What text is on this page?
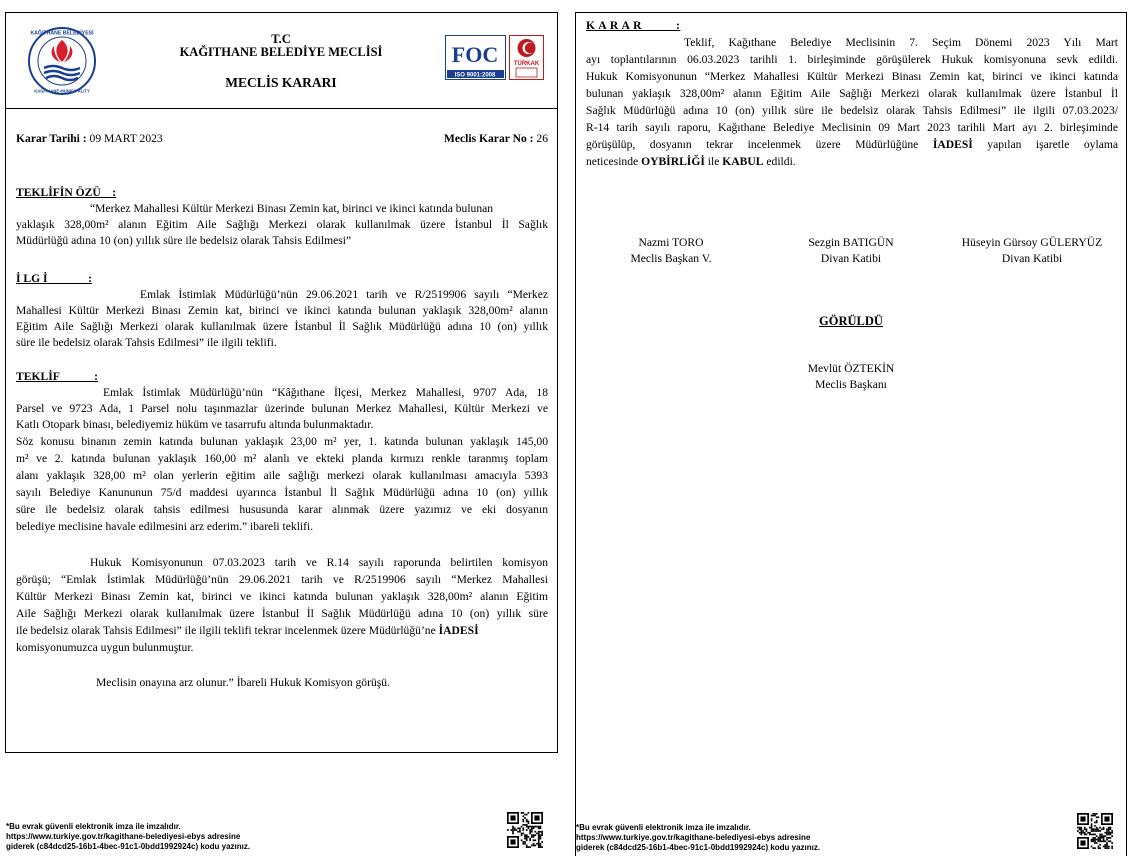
KAĞITHANE BELEDİYESİ
KAĞITHANE MUNICIPALITY
T.C
KAĞITHANE BELEDİYE MECLİSİ
MECLİS KARARI
FOC
ISO 9001:2008
TÜRKAK
Karar Tarihi : 09 MART 2023	Meclis Karar No : 26
TEKLİFİN ÖZÜ    :
“Merkez Mahallesi Kültür Merkezi Binası Zemin kat, birinci ve ikinci katında bulunan
yaklaşık 328,00m² alanın Eğitim Aile Sağlığı Merkezi olarak kullanılmak üzere İstanbul İl Sağlık
Müdürlüğü adına 10 (on) yıllık süre ile bedelsiz olarak Tahsis Edilmesi”
İ LG İ              :
Emlak İstimlak Müdürlüğü’nün 29.06.2021 tarih ve R/2519906 sayılı “Merkez
Mahallesi Kültür Merkezi Binası Zemin kat, birinci ve ikinci katında bulunan yaklaşık 328,00m² alanın
Eğitim Aile Sağlığı Merkezi olarak kullanılmak üzere İstanbul İl Sağlık Müdürlüğü adına 10 (on) yıllık
süre ile bedelsiz olarak Tahsis Edilmesi” ile ilgili teklifi.
TEKLİF            :
Emlak İstimlak Müdürlüğü’nün “Kâğıthane İlçesi, Merkez Mahallesi, 9707 Ada, 18
Parsel ve 9723 Ada, 1 Parsel nolu taşınmazlar üzerinde bulunan Merkez Mahallesi, Kültür Merkezi ve
Katlı Otopark binası, belediyemiz hüküm ve tasarrufu altında bulunmaktadır.
Söz konusu binanın zemin katında bulunan yaklaşık 23,00 m² yer, 1. katında bulunan yaklaşık 145,00
m² ve 2. katında bulunan yaklaşık 160,00 m² alanlı ve ekteki planda kırmızı renkle taranmış toplam
alanı yaklaşık 328,00 m² olan yerlerin eğitim aile sağlığı merkezi olarak kullanılması amacıyla 5393
sayılı Belediye Kanununun 75/d maddesi uyarınca İstanbul İl Sağlık Müdürlüğü adına 10 (on) yıllık
süre ile bedelsiz olarak tahsis edilmesi hususunda karar alınmak üzere yazımız ve eki dosyanın
belediye meclisine havale edilmesini arz ederim.” ibareli teklifi.
Hukuk Komisyonunun 07.03.2023 tarih ve R.14 sayılı raporunda belirtilen komisyon
görüşü; “Emlak İstimlak Müdürlüğü’nün 29.06.2021 tarih ve R/2519906 sayılı “Merkez Mahallesi
Kültür Merkezi Binası Zemin kat, birinci ve ikinci katında bulunan yaklaşık 328,00m² alanın Eğitim
Aile Sağlığı Merkezi olarak kullanılmak üzere İstanbul İl Sağlık Müdürlüğü adına 10 (on) yıllık süre
ile bedelsiz olarak Tahsis Edilmesi” ile ilgili teklifi tekrar incelenmek üzere Müdürlüğü’ne İADESİ
komisyonumuzca uygun bulunmuştur.
Meclisin onayına arz olunur.” İbareli Hukuk Komisyon görüşü.
*Bu evrak güvenli elektronik imza ile imzalıdır.
https://www.turkiye.gov.tr/kagithane-belediyesi-ebys adresine
giderek (c84dcd25-16b1-4bec-91c1-0bdd1992924c) kodu yazınız.
K A R A R          :
Teklif, Kağıthane Belediye Meclisinin 7. Seçim Dönemi 2023 Yılı Mart
ayı toplantılarının 06.03.2023 tarihli 1. birleşiminde görüşülerek Hukuk komisyonuna sevk edildi.
Hukuk Komisyonunun “Merkez Mahallesi Kültür Merkezi Binası Zemin kat, birinci ve ikinci katında
bulunan yaklaşık 328,00m² alanın Eğitim Aile Sağlığı Merkezi olarak kullanılmak üzere İstanbul İl
Sağlık Müdürlüğü adına 10 (on) yıllık süre ile bedelsiz olarak Tahsis Edilmesi” ile ilgili 07.03.2023/
R-14 tarih sayılı raporu, Kağıthane Belediye Meclisinin 09 Mart 2023 tarihli Mart ayı 2. birleşiminde
görüşülüp, dosyanın tekrar incelenmek üzere Müdürlüğüne İADESİ yapılan işaretle oylama
neticesinde OYBİRLİĞİ ile KABUL edildi.
Nazmi TORO
Meclis Başkan V.
Sezgin BATIGÜN
Divan Katibi
Hüseyin Gürsoy GÜLERYÜZ
Divan Katibi
GÖRÜLDÜ
Mevlüt ÖZTEKİN
Meclis Başkanı
*Bu evrak güvenli elektronik imza ile imzalıdır.
https://www.turkiye.gov.tr/kagithane-belediyesi-ebys adresine
giderek (c84dcd25-16b1-4bec-91c1-0bdd1992924c) kodu yazınız.
